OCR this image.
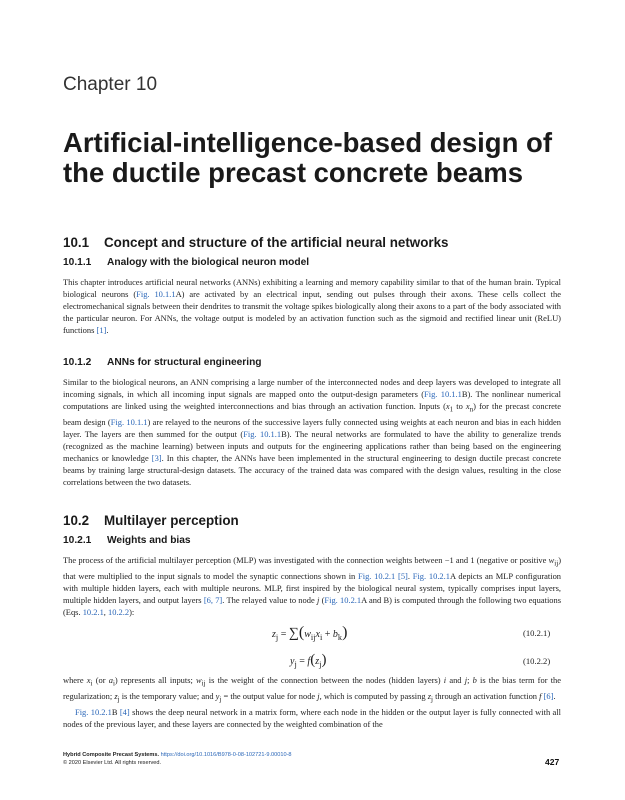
Chapter 10
Artificial-intelligence-based design of the ductile precast concrete beams
10.1 Concept and structure of the artificial neural networks
10.1.1 Analogy with the biological neuron model

This chapter introduces artificial neural networks (ANNs) exhibiting a learning and memory capability similar to that of the human brain. Typical biological neurons (Fig. 10.1.1A) are activated by an electrical input, sending out pulses through their axons. These cells collect the electromechanical signals between their dendrites to transmit the voltage spikes biologically along their axons to a part of the body associated with the particular neuron. For ANNs, the voltage output is modeled by an activation function such as the sigmoid and rectified linear unit (ReLU) functions [1].

10.1.2 ANNs for structural engineering

Similar to the biological neurons, an ANN comprising a large number of the interconnected nodes and deep layers was developed to integrate all incoming signals, in which all incoming input signals are mapped onto the output-design parameters (Fig. 10.1.1B). The nonlinear numerical computations are linked using the weighted interconnections and bias through an activation function. Inputs ($x_1$ to $x_n$) for the precast concrete beam design (Fig. 10.1.1) are relayed to the neurons of the successive layers fully connected using weights at each neuron and bias in each hidden layer. The layers are then summed for the output (Fig. 10.1.1B). The neural networks are formulated to have the ability to generalize trends (recognized as the machine learning) between inputs and outputs for the engineering applications rather than being based on the engineering mechanics or knowledge [3]. In this chapter, the ANNs have been implemented in the structural engineering to design ductile precast concrete beams by training large structural-design datasets. The accuracy of the trained data was compared with the design values, resulting in the close correlations between the two datasets.

10.2 Multilayer perception
10.2.1 Weights and bias

The process of the artificial multilayer perception (MLP) was investigated with the connection weights between −1 and 1 (negative or positive $w_{ij}$) that were multiplied to the input signals to model the synaptic connections shown in Fig. 10.2.1 [5]. Fig. 10.2.1A depicts an MLP configuration with multiple hidden layers, each with multiple neurons. MLP, first inspired by the biological neural system, typically comprises input layers, multiple hidden layers, and output layers [6, 7]. The relayed value to node j (Fig. 10.2.1A and B) is computed through the following two equations (Eqs. 10.2.1, 10.2.2):

$z_j = \sum(w_{ij}x_i + b_k)$	(10.2.1)
$y_j = f(z_j)$	(10.2.2)

where $x_i$ (or $a_i$) represents all inputs; $w_{ij}$ is the weight of the connection between the nodes (hidden layers) i and j; b is the bias term for the regularization; $z_j$ is the temporary value; and $y_j$ = the output value for node j, which is computed by passing $z_j$ through an activation function f [6].

Fig. 10.2.1B [4] shows the deep neural network in a matrix form, where each node in the hidden or the output layer is fully connected with all nodes of the previous layer, and these layers are connected by the weighted combination of the

Hybrid Composite Precast Systems. https://doi.org/10.1016/B978-0-08-102721-9.00010-8
© 2020 Elsevier Ltd. All rights reserved.	427
